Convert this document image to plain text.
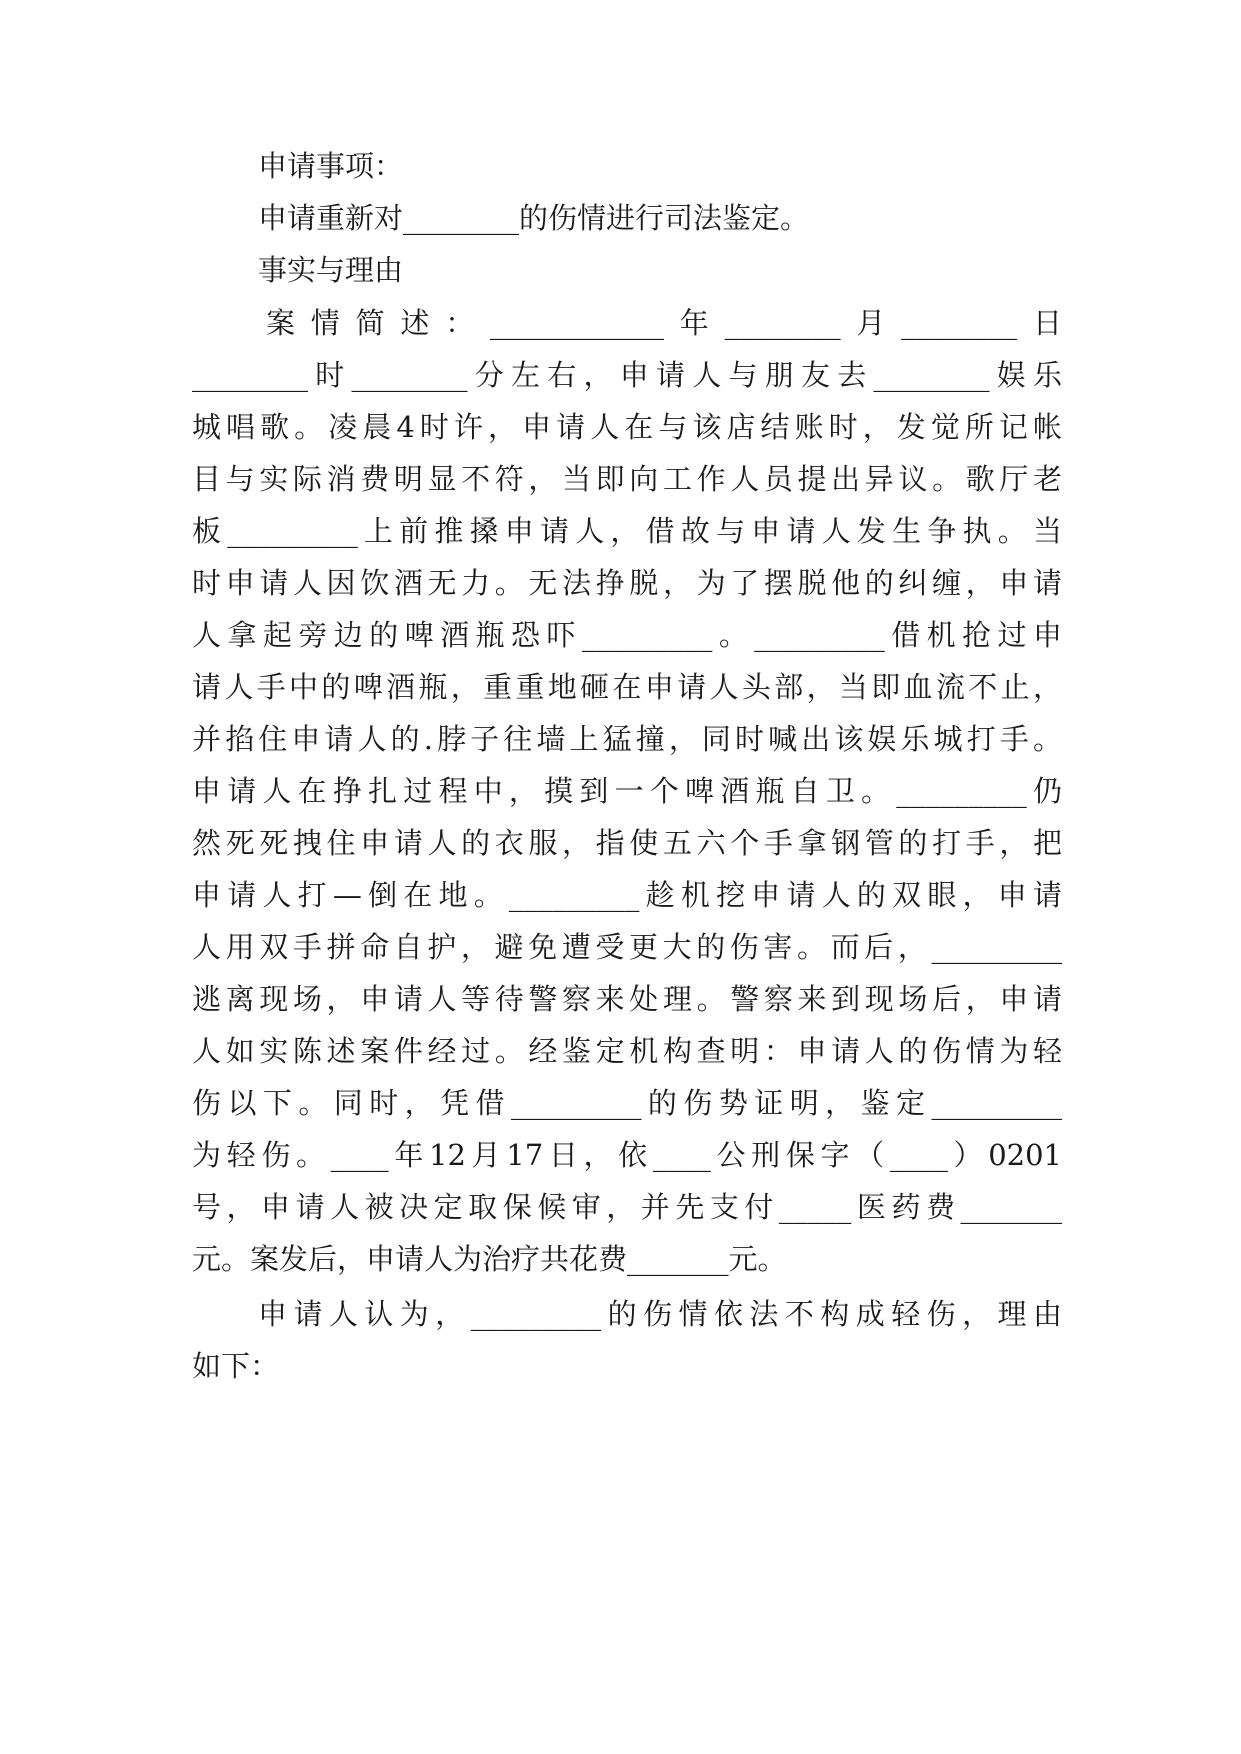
申请事项：
申请重新对________的伤情进行司法鉴定。
事实与理由
案情简述：____________年________月________日
________时________分左右，申请人与朋友去________娱乐
城唱歌。凌晨4时许，申请人在与该店结账时，发觉所记帐
目与实际消费明显不符，当即向工作人员提出异议。歌厅老
板_________上前推搡申请人，借故与申请人发生争执。当
时申请人因饮酒无力。无法挣脱，为了摆脱他的纠缠，申请
人拿起旁边的啤酒瓶恐吓_________。_________借机抢过申
请人手中的啤酒瓶，重重地砸在申请人头部，当即血流不止，
并掐住申请人的.脖子往墙上猛撞，同时喊出该娱乐城打手。
申请人在挣扎过程中，摸到一个啤酒瓶自卫。_________仍
然死死拽住申请人的衣服，指使五六个手拿钢管的打手，把
申请人打—倒在地。_________趁机挖申请人的双眼，申请
人用双手拼命自护，避免遭受更大的伤害。而后，_________
逃离现场，申请人等待警察来处理。警察来到现场后，申请
人如实陈述案件经过。经鉴定机构查明：申请人的伤情为轻
伤以下。同时，凭借_________的伤势证明，鉴定_________
为轻伤。____年12月17日，依____公刑保字（____）0201
号，申请人被决定取保候审，并先支付_____医药费_______
元。案发后，申请人为治疗共花费_______元。
申请人认为，_________的伤情依法不构成轻伤，理由
如下：
